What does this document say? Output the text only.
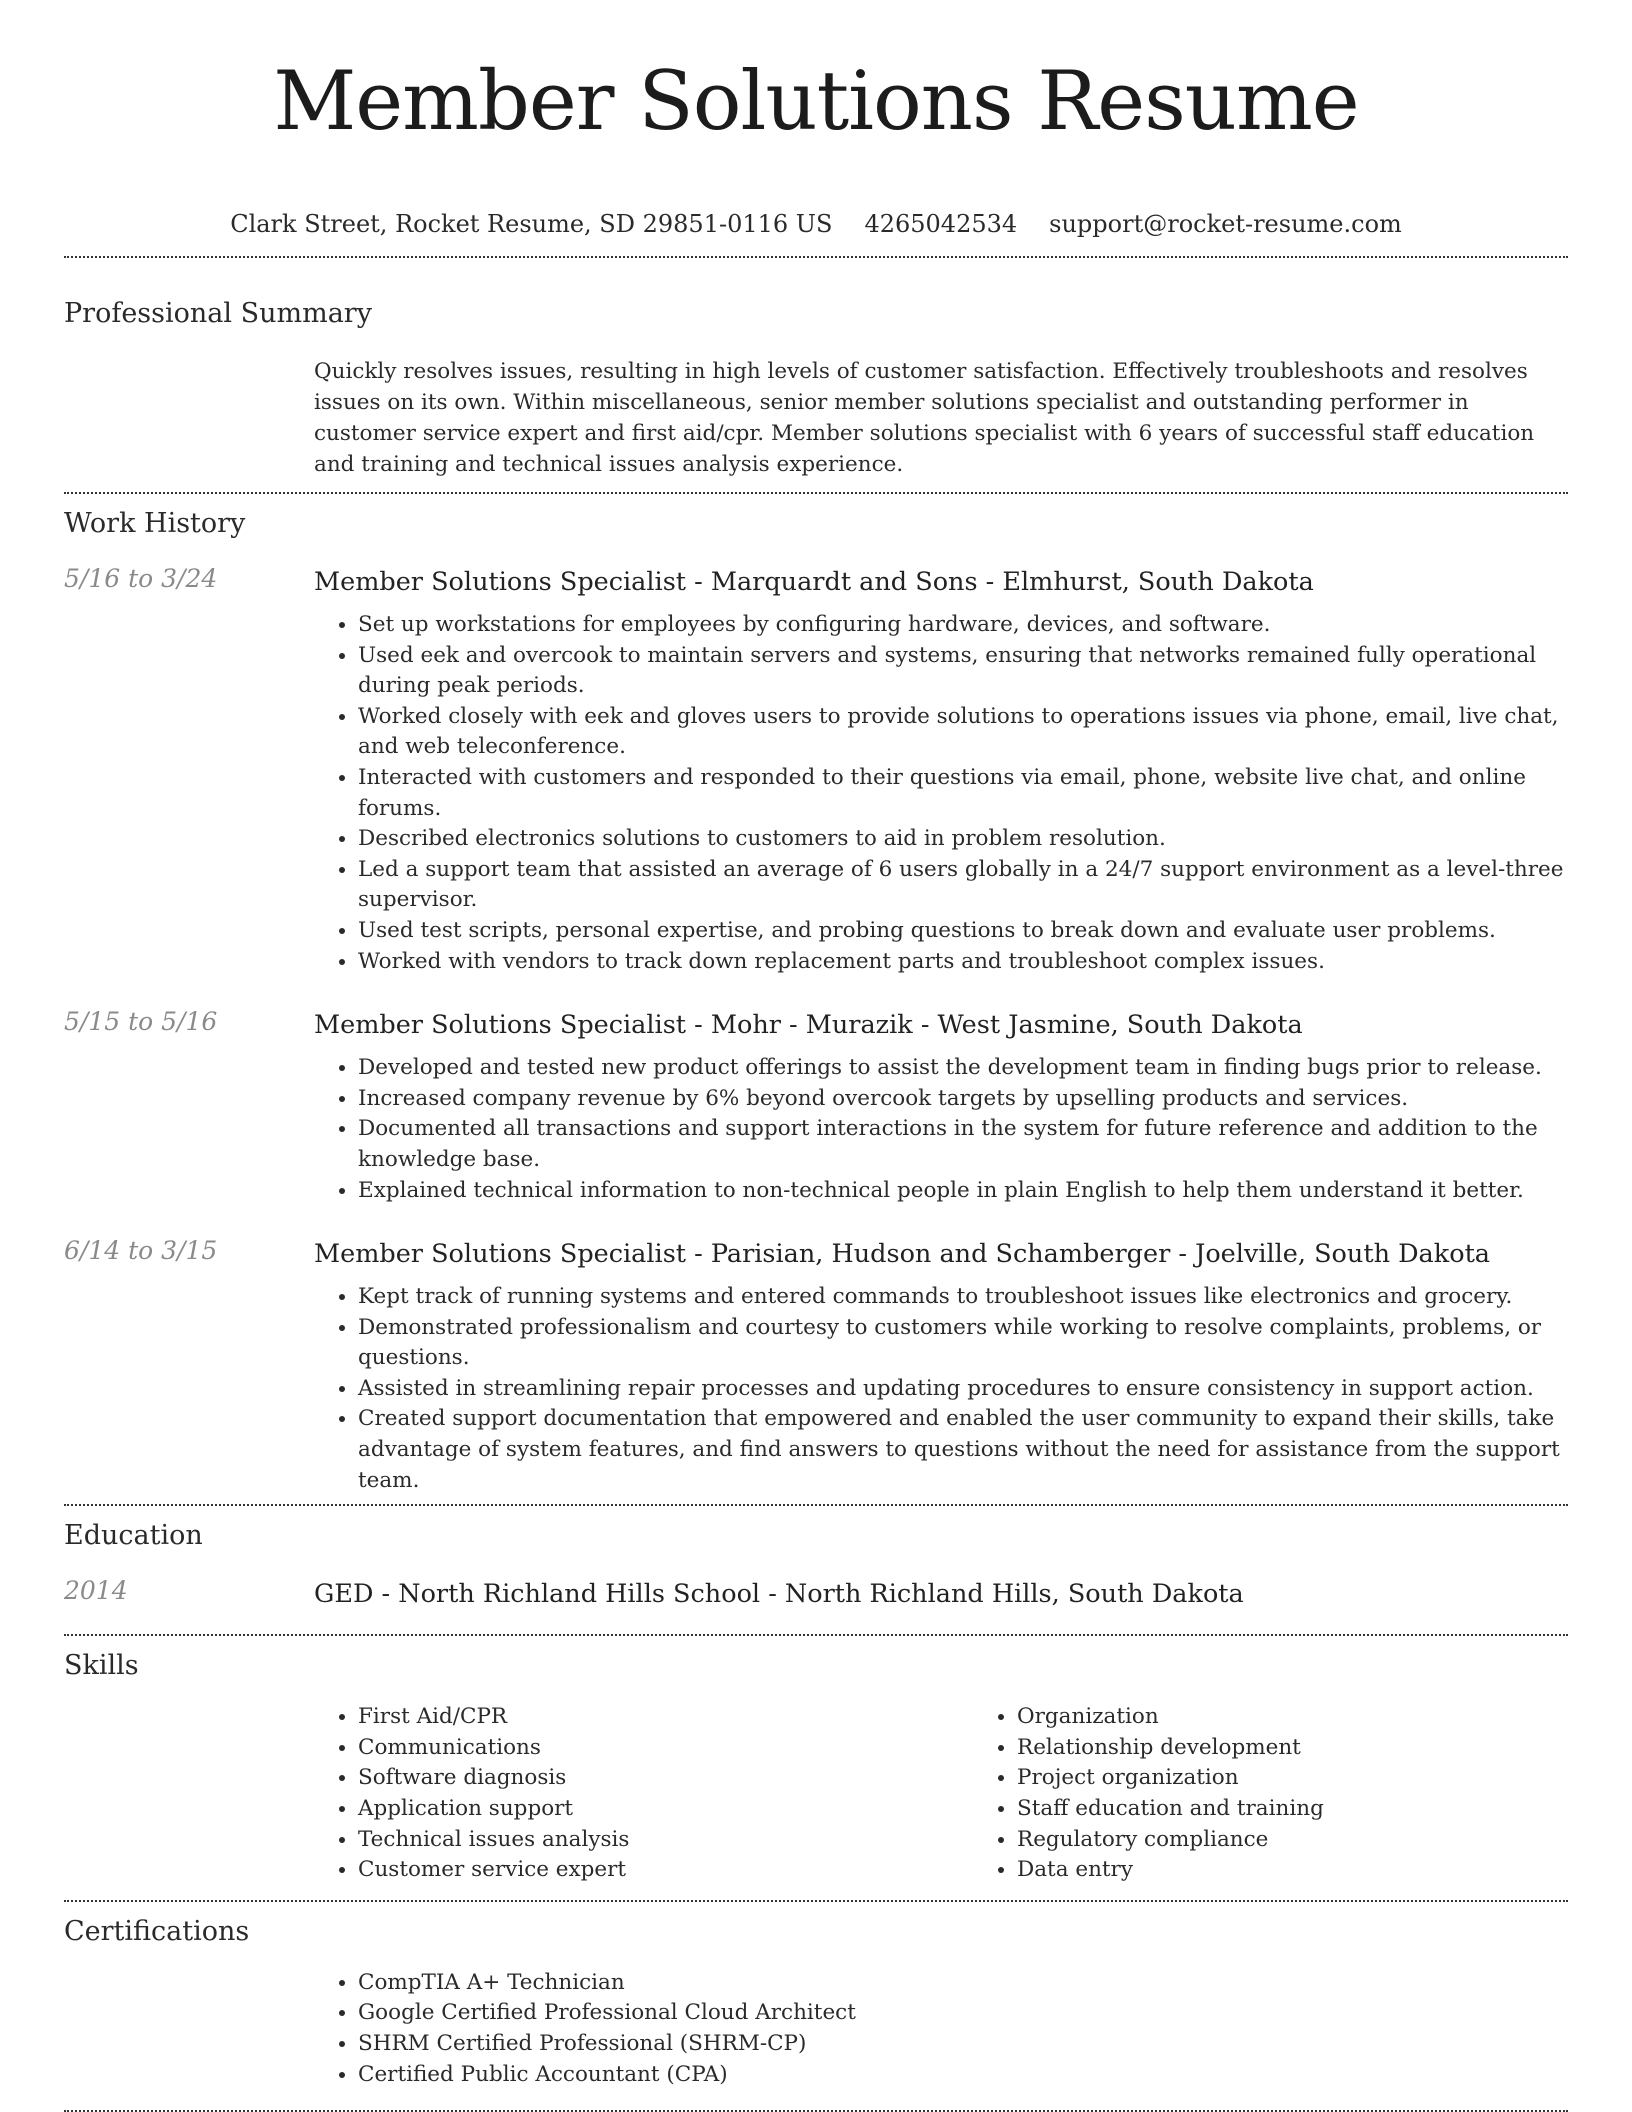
Member Solutions Resume
Clark Street, Rocket Resume, SD 29851-0116 US 4265042534 support@rocket-resume.com
Professional Summary
Quickly resolves issues, resulting in high levels of customer satisfaction. Effectively troubleshoots and resolves issues on its own. Within miscellaneous, senior member solutions specialist and outstanding performer in customer service expert and first aid/cpr. Member solutions specialist with 6 years of successful staff education and training and technical issues analysis experience.
Work History
5/16 to 3/24	Member Solutions Specialist - Marquardt and Sons - Elmhurst, South Dakota
• Set up workstations for employees by configuring hardware, devices, and software.
• Used eek and overcook to maintain servers and systems, ensuring that networks remained fully operational during peak periods.
• Worked closely with eek and gloves users to provide solutions to operations issues via phone, email, live chat, and web teleconference.
• Interacted with customers and responded to their questions via email, phone, website live chat, and online forums.
• Described electronics solutions to customers to aid in problem resolution.
• Led a support team that assisted an average of 6 users globally in a 24/7 support environment as a level-three supervisor.
• Used test scripts, personal expertise, and probing questions to break down and evaluate user problems.
• Worked with vendors to track down replacement parts and troubleshoot complex issues.
5/15 to 5/16	Member Solutions Specialist - Mohr - Murazik - West Jasmine, South Dakota
• Developed and tested new product offerings to assist the development team in finding bugs prior to release.
• Increased company revenue by 6% beyond overcook targets by upselling products and services.
• Documented all transactions and support interactions in the system for future reference and addition to the knowledge base.
• Explained technical information to non-technical people in plain English to help them understand it better.
6/14 to 3/15	Member Solutions Specialist - Parisian, Hudson and Schamberger - Joelville, South Dakota
• Kept track of running systems and entered commands to troubleshoot issues like electronics and grocery.
• Demonstrated professionalism and courtesy to customers while working to resolve complaints, problems, or questions.
• Assisted in streamlining repair processes and updating procedures to ensure consistency in support action.
• Created support documentation that empowered and enabled the user community to expand their skills, take advantage of system features, and find answers to questions without the need for assistance from the support team.
Education
2014	GED - North Richland Hills School - North Richland Hills, South Dakota
Skills
• First Aid/CPR
• Communications
• Software diagnosis
• Application support
• Technical issues analysis
• Customer service expert
• Organization
• Relationship development
• Project organization
• Staff education and training
• Regulatory compliance
• Data entry
Certifications
• CompTIA A+ Technician
• Google Certified Professional Cloud Architect
• SHRM Certified Professional (SHRM-CP)
• Certified Public Accountant (CPA)
